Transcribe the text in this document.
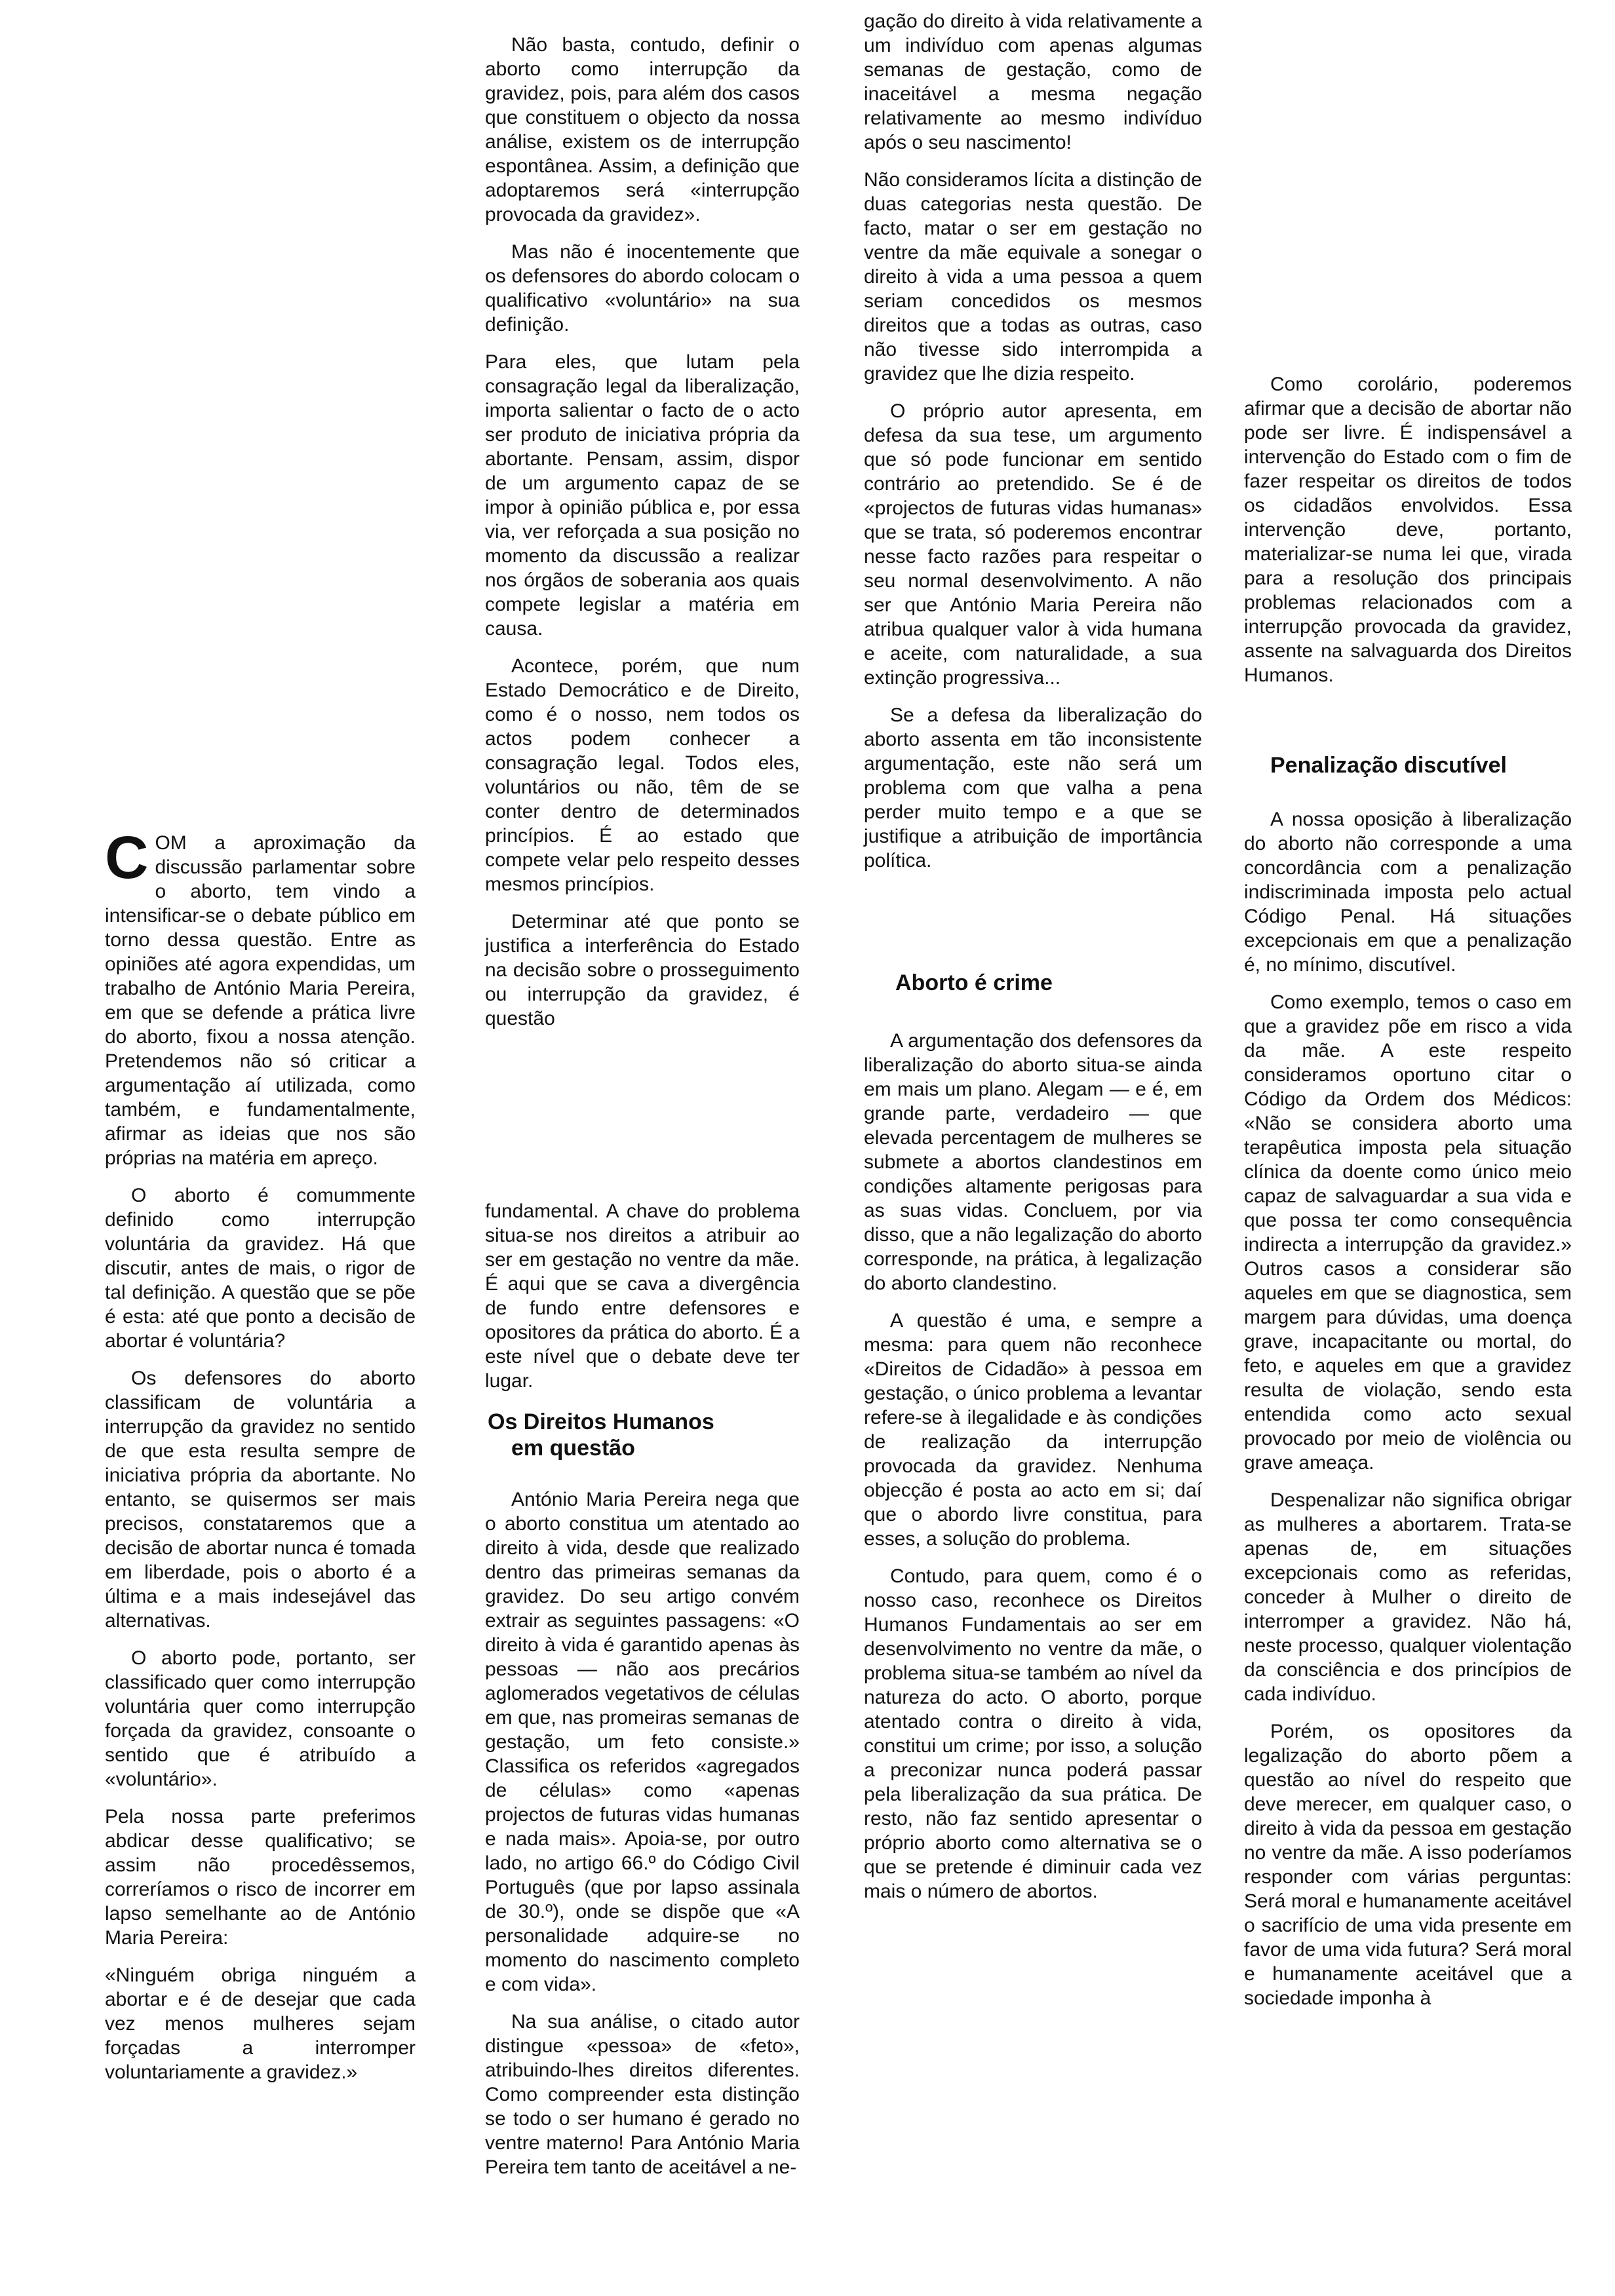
COM a aproximação da discussão parlamentar sobre o aborto, tem vindo a intensificar-se o debate público em torno dessa questão. Entre as opiniões até agora expendidas, um trabalho de António Maria Pereira, em que se defende a prática livre do aborto, fixou a nossa atenção. Pretendemos não só criticar a argumentação aí utilizada, como também, e fundamentalmente, afirmar as ideias que nos são próprias na matéria em apreço.

O aborto é comummente definido como interrupção voluntária da gravidez. Há que discutir, antes de mais, o rigor de tal definição. A questão que se põe é esta: até que ponto a decisão de abortar é voluntária?

Os defensores do aborto classificam de voluntária a interrupção da gravidez no sentido de que esta resulta sempre de iniciativa própria da abortante. No entanto, se quisermos ser mais precisos, constataremos que a decisão de abortar nunca é tomada em liberdade, pois o aborto é a última e a mais indesejável das alternativas.

O aborto pode, portanto, ser classificado quer como interrupção voluntária quer como interrupção forçada da gravidez, consoante o sentido que é atribuído a «voluntário».

Pela nossa parte preferimos abdicar desse qualificativo; se assim não procedêssemos, correríamos o risco de incorrer em lapso semelhante ao de António Maria Pereira:

«Ninguém obriga ninguém a abortar e é de desejar que cada vez menos mulheres sejam forçadas a interromper voluntariamente a gravidez.»

Não basta, contudo, definir o aborto como interrupção da gravidez, pois, para além dos casos que constituem o objecto da nossa análise, existem os de interrupção espontânea. Assim, a definição que adoptaremos será «interrupção provocada da gravidez».

Mas não é inocentemente que os defensores do abordo colocam o qualificativo «voluntário» na sua definição.

Para eles, que lutam pela consagração legal da liberalização, importa salientar o facto de o acto ser produto de iniciativa própria da abortante. Pensam, assim, dispor de um argumento capaz de se impor à opinião pública e, por essa via, ver reforçada a sua posição no momento da discussão a realizar nos órgãos de soberania aos quais compete legislar a matéria em causa.

Acontece, porém, que num Estado Democrático e de Direito, como é o nosso, nem todos os actos podem conhecer a consagração legal. Todos eles, voluntários ou não, têm de se conter dentro de determinados princípios. É ao estado que compete velar pelo respeito desses mesmos princípios.

Determinar até que ponto se justifica a interferência do Estado na decisão sobre o prosseguimento ou interrupção da gravidez, é questão

fundamental. A chave do problema situa-se nos direitos a atribuir ao ser em gestação no ventre da mãe. É aqui que se cava a divergência de fundo entre defensores e opositores da prática do aborto. É a este nível que o debate deve ter lugar.

Os Direitos Humanos
em questão

António Maria Pereira nega que o aborto constitua um atentado ao direito à vida, desde que realizado dentro das primeiras semanas da gravidez. Do seu artigo convém extrair as seguintes passagens: «O direito à vida é garantido apenas às pessoas — não aos precários aglomerados vegetativos de células em que, nas promeiras semanas de gestação, um feto consiste.» Classifica os referidos «agregados de células» como «apenas projectos de futuras vidas humanas e nada mais». Apoia-se, por outro lado, no artigo 66.º do Código Civil Português (que por lapso assinala de 30.º), onde se dispõe que «A personalidade adquire-se no momento do nascimento completo e com vida».

Na sua análise, o citado autor distingue «pessoa» de «feto», atribuindo-lhes direitos diferentes. Como compreender esta distinção se todo o ser humano é gerado no ventre materno! Para António Maria Pereira tem tanto de aceitável a ne-

gação do direito à vida relativamente a um indivíduo com apenas algumas semanas de gestação, como de inaceitável a mesma negação relativamente ao mesmo indivíduo após o seu nascimento!

Não consideramos lícita a distinção de duas categorias nesta questão. De facto, matar o ser em gestação no ventre da mãe equivale a sonegar o direito à vida a uma pessoa a quem seriam concedidos os mesmos direitos que a todas as outras, caso não tivesse sido interrompida a gravidez que lhe dizia respeito.

O próprio autor apresenta, em defesa da sua tese, um argumento que só pode funcionar em sentido contrário ao pretendido. Se é de «projectos de futuras vidas humanas» que se trata, só poderemos encontrar nesse facto razões para respeitar o seu normal desenvolvimento. A não ser que António Maria Pereira não atribua qualquer valor à vida humana e aceite, com naturalidade, a sua extinção progressiva...

Se a defesa da liberalização do aborto assenta em tão inconsistente argumentação, este não será um problema com que valha a pena perder muito tempo e a que se justifique a atribuição de importância política.

Aborto é crime

A argumentação dos defensores da liberalização do aborto situa-se ainda em mais um plano. Alegam — e é, em grande parte, verdadeiro — que elevada percentagem de mulheres se submete a abortos clandestinos em condições altamente perigosas para as suas vidas. Concluem, por via disso, que a não legalização do aborto corresponde, na prática, à legalização do aborto clandestino.

A questão é uma, e sempre a mesma: para quem não reconhece «Direitos de Cidadão» à pessoa em gestação, o único problema a levantar refere-se à ilegalidade e às condições de realização da interrupção provocada da gravidez. Nenhuma objecção é posta ao acto em si; daí que o abordo livre constitua, para esses, a solução do problema.

Contudo, para quem, como é o nosso caso, reconhece os Direitos Humanos Fundamentais ao ser em desenvolvimento no ventre da mãe, o problema situa-se também ao nível da natureza do acto. O aborto, porque atentado contra o direito à vida, constitui um crime; por isso, a solução a preconizar nunca poderá passar pela liberalização da sua prática. De resto, não faz sentido apresentar o próprio aborto como alternativa se o que se pretende é diminuir cada vez mais o número de abortos.

Como corolário, poderemos afirmar que a decisão de abortar não pode ser livre. É indispensável a intervenção do Estado com o fim de fazer respeitar os direitos de todos os cidadãos envolvidos. Essa intervenção deve, portanto, materializar-se numa lei que, virada para a resolução dos principais problemas relacionados com a interrupção provocada da gravidez, assente na salvaguarda dos Direitos Humanos.

Penalização discutível

A nossa oposição à liberalização do aborto não corresponde a uma concordância com a penalização indiscriminada imposta pelo actual Código Penal. Há situações excepcionais em que a penalização é, no mínimo, discutível.

Como exemplo, temos o caso em que a gravidez põe em risco a vida da mãe. A este respeito consideramos oportuno citar o Código da Ordem dos Médicos: «Não se considera aborto uma terapêutica imposta pela situação clínica da doente como único meio capaz de salvaguardar a sua vida e que possa ter como consequência indirecta a interrupção da gravidez.» Outros casos a considerar são aqueles em que se diagnostica, sem margem para dúvidas, uma doença grave, incapacitante ou mortal, do feto, e aqueles em que a gravidez resulta de violação, sendo esta entendida como acto sexual provocado por meio de violência ou grave ameaça.

Despenalizar não significa obrigar as mulheres a abortarem. Trata-se apenas de, em situações excepcionais como as referidas, conceder à Mulher o direito de interromper a gravidez. Não há, neste processo, qualquer violentação da consciência e dos princípios de cada indivíduo.

Porém, os opositores da legalização do aborto põem a questão ao nível do respeito que deve merecer, em qualquer caso, o direito à vida da pessoa em gestação no ventre da mãe. A isso poderíamos responder com várias perguntas: Será moral e humanamente aceitável o sacrifício de uma vida presente em favor de uma vida futura? Será moral e humanamente aceitável que a sociedade imponha à
